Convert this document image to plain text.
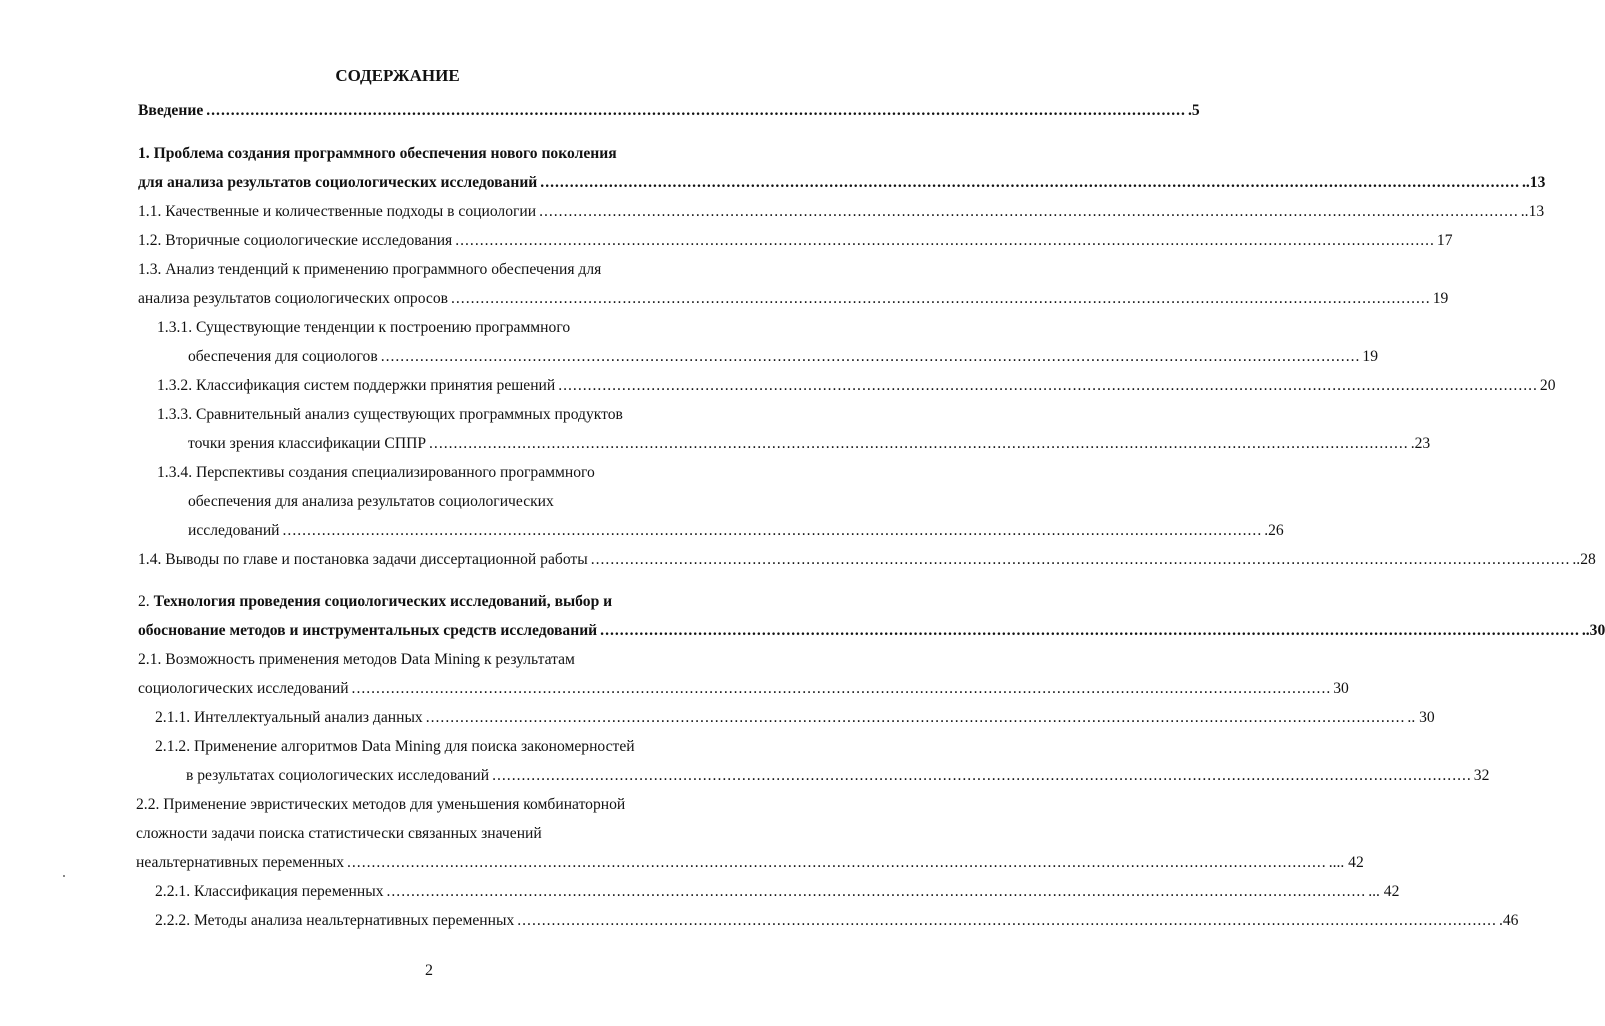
СОДЕРЖАНИЕ
Введение ........................................................................................................................................................................................................ .5
1. Проблема создания программного обеспечения нового поколения
для анализа результатов социологических исследований ........................................................................................................................................................................................................ ..13
1.1. Качественные и количественные подходы в социологии ........................................................................................................................................................................................................ ..13
1.2. Вторичные социологические исследования ........................................................................................................................................................................................................ 17
1.3. Анализ тенденций к применению программного обеспечения для
анализа результатов социологических опросов ........................................................................................................................................................................................................ 19
1.3.1. Существующие тенденции к построению программного
обеспечения для социологов ........................................................................................................................................................................................................ 19
1.3.2. Классификация систем поддержки принятия решений ........................................................................................................................................................................................................ 20
1.3.3. Сравнительный анализ существующих программных продуктов
точки зрения классификации СППР ........................................................................................................................................................................................................ .23
1.3.4. Перспективы создания специализированного программного
обеспечения для анализа результатов социологических
исследований ........................................................................................................................................................................................................ .26
1.4. Выводы по главе и постановка задачи диссертационной работы ........................................................................................................................................................................................................ ..28
2. Технология проведения социологических исследований, выбор и
обоснование методов и инструментальных средств исследований ........................................................................................................................................................................................................ ..30
2.1. Возможность применения методов Data Mining к результатам
социологических исследований ........................................................................................................................................................................................................ 30
2.1.1. Интеллектуальный анализ данных ........................................................................................................................................................................................................ .. 30
2.1.2. Применение алгоритмов Data Mining для поиска закономерностей
в результатах социологических исследований ........................................................................................................................................................................................................ 32
2.2. Применение эвристических методов для уменьшения комбинаторной
сложности задачи поиска статистически связанных значений
неальтернативных переменных ........................................................................................................................................................................................................ .... 42
2.2.1. Классификация переменных ........................................................................................................................................................................................................ ... 42
2.2.2. Методы анализа неальтернативных переменных ........................................................................................................................................................................................................ .46
2
